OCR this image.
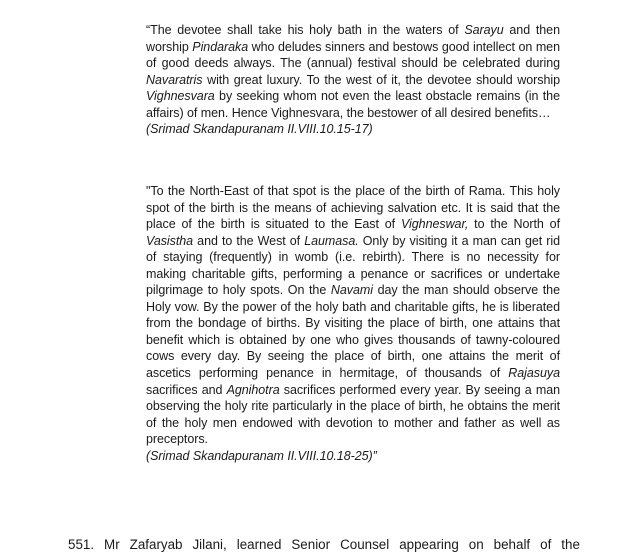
“The devotee shall take his holy bath in the waters of Sarayu and then worship Pindaraka who deludes sinners and bestows good intellect on men of good deeds always. The (annual) festival should be celebrated during Navaratris with great luxury. To the west of it, the devotee should worship Vighnesvara by seeking whom not even the least obstacle remains (in the affairs) of men. Hence Vighnesvara, the bestower of all desired benefits…

(Srimad Skandapuranam II.VIII.10.15-17)

"To the North-East of that spot is the place of the birth of Rama. This holy spot of the birth is the means of achieving salvation etc. It is said that the place of the birth is situated to the East of Vighneswar, to the North of Vasistha and to the West of Laumasa. Only by visiting it a man can get rid of staying (frequently) in womb (i.e. rebirth). There is no necessity for making charitable gifts, performing a penance or sacrifices or undertake pilgrimage to holy spots. On the Navami day the man should observe the Holy vow. By the power of the holy bath and charitable gifts, he is liberated from the bondage of births. By visiting the place of birth, one attains that benefit which is obtained by one who gives thousands of tawny-coloured cows every day. By seeing the place of birth, one attains the merit of ascetics performing penance in hermitage, of thousands of Rajasuya sacrifices and Agnihotra sacrifices performed every year. By seeing a man observing the holy rite particularly in the place of birth, he obtains the merit of the holy men endowed with devotion to mother and father as well as preceptors.

(Srimad Skandapuranam II.VIII.10.18-25)”

551. Mr Zafaryab Jilani, learned Senior Counsel appearing on behalf of the
